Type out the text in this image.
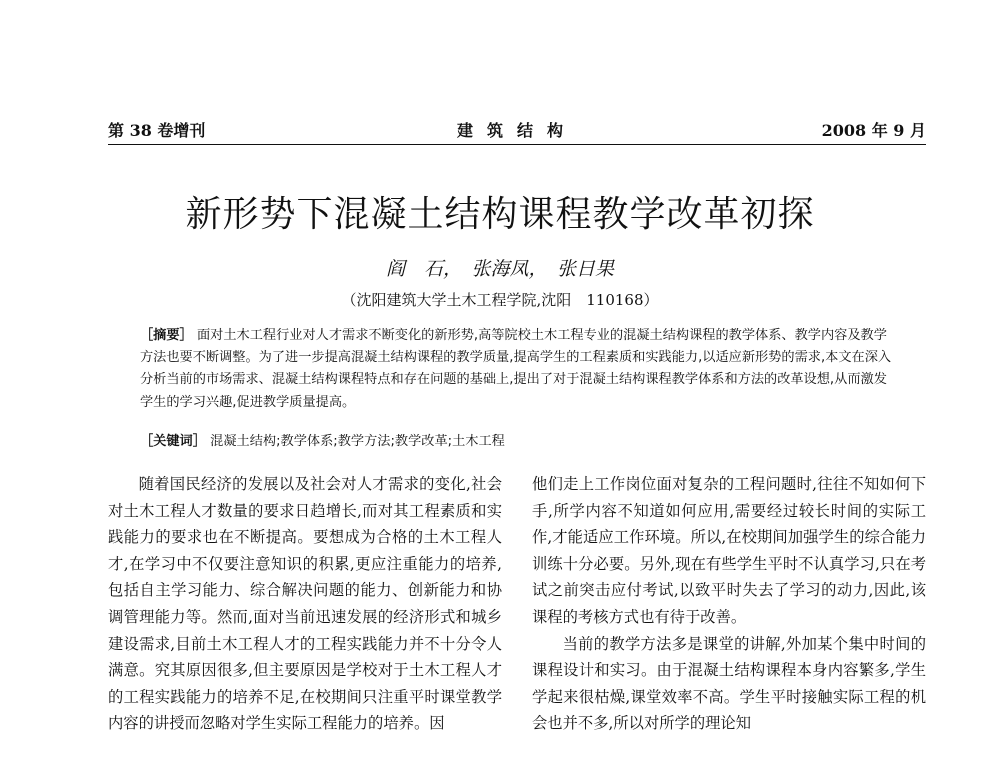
第 38 卷增刊	建筑结构	2008 年 9 月
新形势下混凝土结构课程教学改革初探
阎　石，　张海凤，　张日果
（沈阳建筑大学土木工程学院,沈阳　110168）

［摘要］ 面对土木工程行业对人才需求不断变化的新形势,高等院校土木工程专业的混凝土结构课程的教学体系、教学内容及教学方法也要不断调整。为了进一步提高混凝土结构课程的教学质量,提高学生的工程素质和实践能力,以适应新形势的需求,本文在深入分析当前的市场需求、混凝土结构课程特点和存在问题的基础上,提出了对于混凝土结构课程教学体系和方法的改革设想,从而激发学生的学习兴趣,促进教学质量提高。

［关键词］ 混凝土结构;教学体系;教学方法;教学改革;土木工程

随着国民经济的发展以及社会对人才需求的变化,社会对土木工程人才数量的要求日趋增长,而对其工程素质和实践能力的要求也在不断提高。要想成为合格的土木工程人才,在学习中不仅要注意知识的积累,更应注重能力的培养,包括自主学习能力、综合解决问题的能力、创新能力和协调管理能力等。然而,面对当前迅速发展的经济形式和城乡建设需求,目前土木工程人才的工程实践能力并不十分令人满意。究其原因很多,但主要原因是学校对于土木工程人才的工程实践能力的培养不足,在校期间只注重平时课堂教学内容的讲授而忽略对学生实际工程能力的培养。因

他们走上工作岗位面对复杂的工程问题时,往往不知如何下手,所学内容不知道如何应用,需要经过较长时间的实际工作,才能适应工作环境。所以,在校期间加强学生的综合能力训练十分必要。另外,现在有些学生平时不认真学习,只在考试之前突击应付考试,以致平时失去了学习的动力,因此,该课程的考核方式也有待于改善。

当前的教学方法多是课堂的讲解,外加某个集中时间的课程设计和实习。由于混凝土结构课程本身内容繁多,学生学起来很枯燥,课堂效率不高。学生平时接触实际工程的机会也并不多,所以对所学的理论知
